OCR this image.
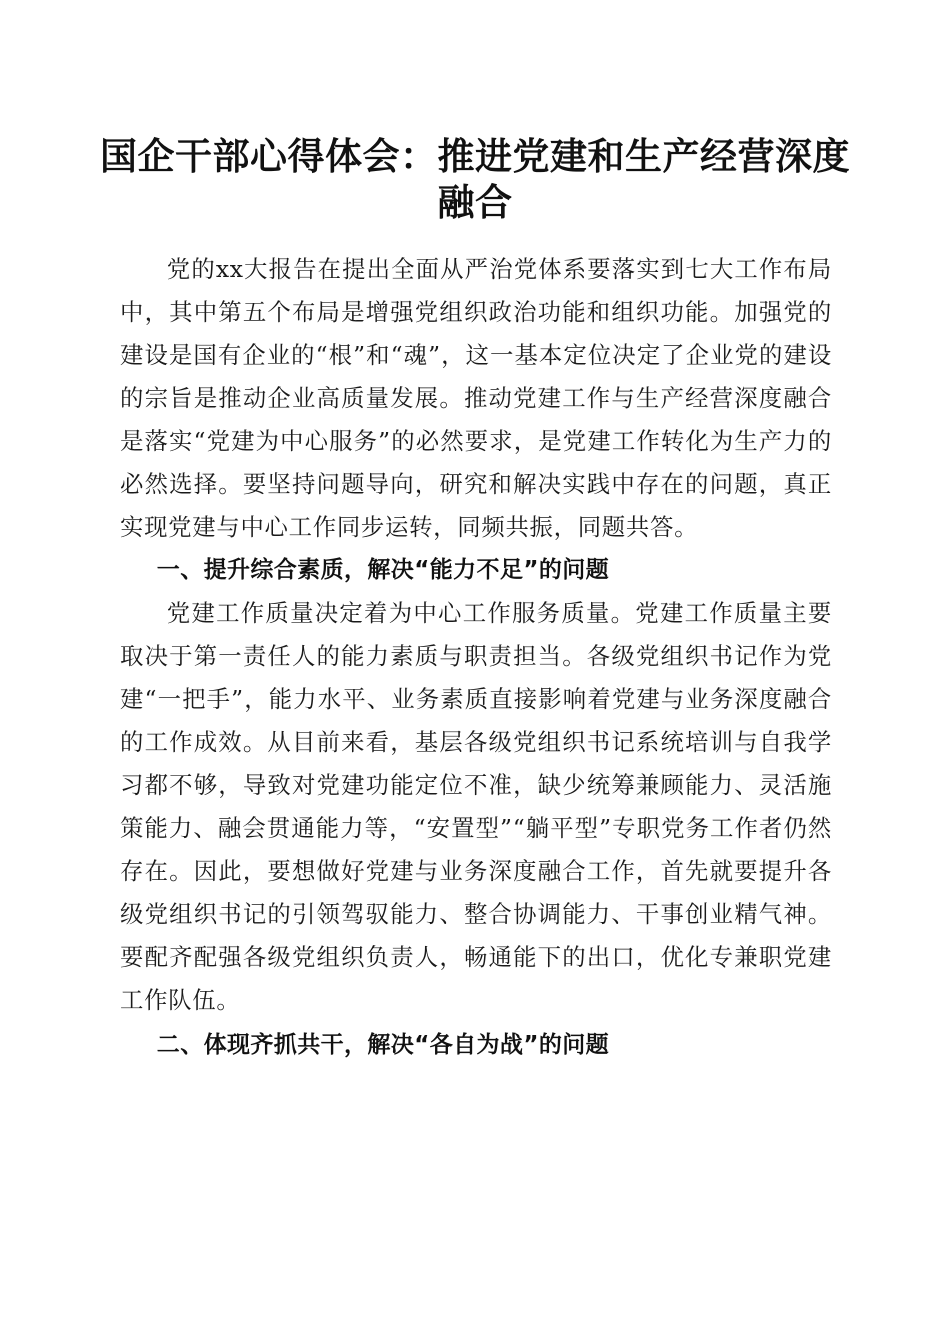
国企干部心得体会：推进党建和生产经营深度融合

党的xx大报告在提出全面从严治党体系要落实到七大工作布局中，其中第五个布局是增强党组织政治功能和组织功能。加强党的建设是国有企业的“根”和“魂”，这一基本定位决定了企业党的建设的宗旨是推动企业高质量发展。推动党建工作与生产经营深度融合是落实“党建为中心服务”的必然要求，是党建工作转化为生产力的必然选择。要坚持问题导向，研究和解决实践中存在的问题，真正实现党建与中心工作同步运转，同频共振，同题共答。

一、提升综合素质，解决“能力不足”的问题

党建工作质量决定着为中心工作服务质量。党建工作质量主要取决于第一责任人的能力素质与职责担当。各级党组织书记作为党建“一把手”，能力水平、业务素质直接影响着党建与业务深度融合的工作成效。从目前来看，基层各级党组织书记系统培训与自我学习都不够，导致对党建功能定位不准，缺少统筹兼顾能力、灵活施策能力、融会贯通能力等，“安置型”“躺平型”专职党务工作者仍然存在。因此，要想做好党建与业务深度融合工作，首先就要提升各级党组织书记的引领驾驭能力、整合协调能力、干事创业精气神。要配齐配强各级党组织负责人，畅通能下的出口，优化专兼职党建工作队伍。

二、体现齐抓共干，解决“各自为战”的问题
